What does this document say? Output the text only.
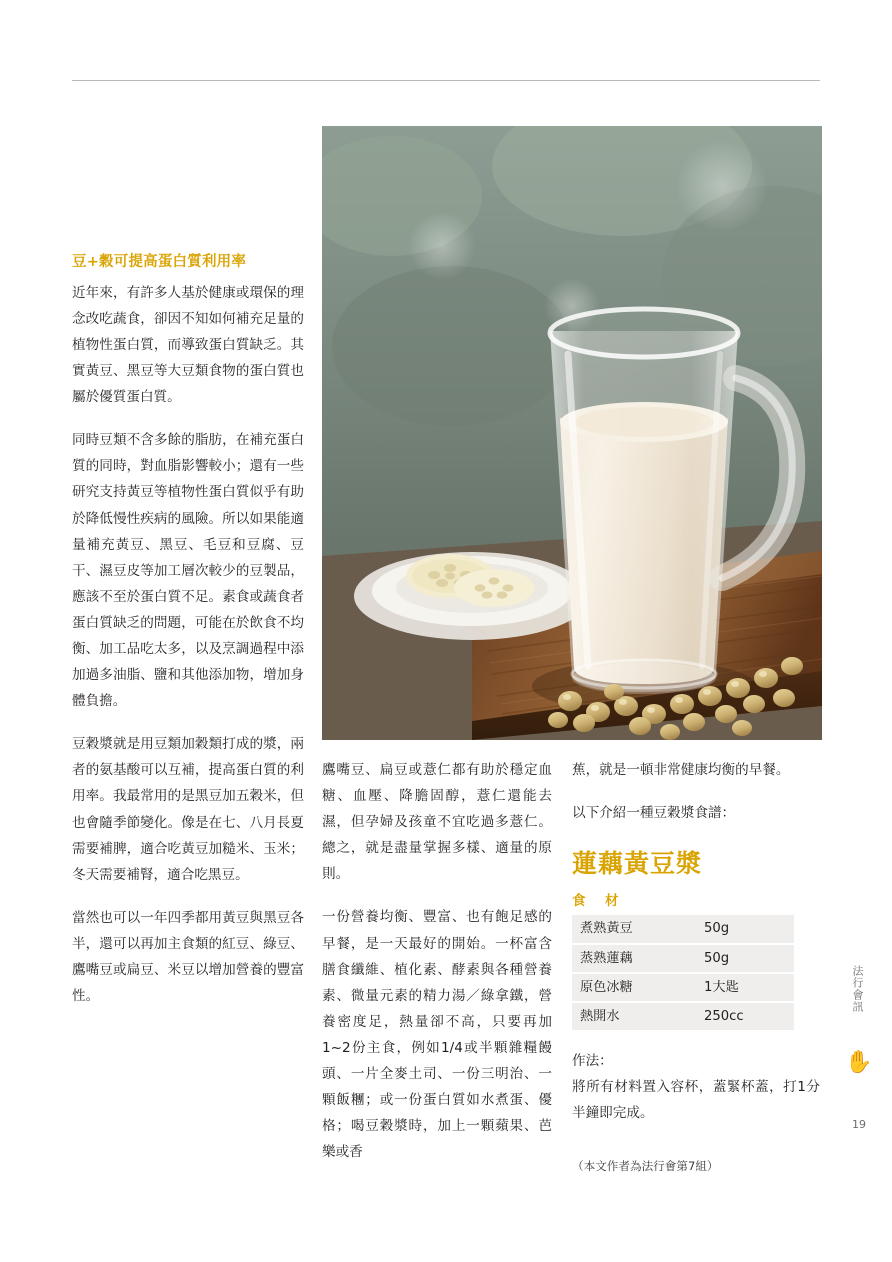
豆+穀可提高蛋白質利用率

近年來，有許多人基於健康或環保的理念改吃蔬食，卻因不知如何補充足量的植物性蛋白質，而導致蛋白質缺乏。其實黃豆、黑豆等大豆類食物的蛋白質也屬於優質蛋白質。

同時豆類不含多餘的脂肪，在補充蛋白質的同時，對血脂影響較小；還有一些研究支持黃豆等植物性蛋白質似乎有助於降低慢性疾病的風險。所以如果能適量補充黃豆、黑豆、毛豆和豆腐、豆干、濕豆皮等加工層次較少的豆製品，應該不至於蛋白質不足。素食或蔬食者蛋白質缺乏的問題，可能在於飲食不均衡、加工品吃太多，以及烹調過程中添加過多油脂、鹽和其他添加物，增加身體負擔。

豆穀漿就是用豆類加穀類打成的漿，兩者的氨基酸可以互補，提高蛋白質的利用率。我最常用的是黑豆加五穀米，但也會隨季節變化。像是在七、八月長夏需要補脾，適合吃黃豆加糙米、玉米；冬天需要補腎，適合吃黑豆。

當然也可以一年四季都用黃豆與黑豆各半，還可以再加主食類的紅豆、綠豆、鷹嘴豆或扁豆、米豆以增加營養的豐富性。

鷹嘴豆、扁豆或薏仁都有助於穩定血糖、血壓、降膽固醇，薏仁還能去濕，但孕婦及孩童不宜吃過多薏仁。總之，就是盡量掌握多樣、適量的原則。

一份營養均衡、豐富、也有飽足感的早餐，是一天最好的開始。一杯富含膳食纖維、植化素、酵素與各種營養素、微量元素的精力湯／綠拿鐵，營養密度足，熱量卻不高，只要再加1~2份主食，例如1/4或半顆雜糧饅頭、一片全麥土司、一份三明治、一顆飯糰；或一份蛋白質如水煮蛋、優格；喝豆穀漿時，加上一顆蘋果、芭樂或香

蕉，就是一頓非常健康均衡的早餐。

以下介紹一種豆穀漿食譜：

蓮藕黃豆漿
食　材
煮熟黃豆	50g
蒸熟蓮藕	50g
原色冰糖	1大匙
熱開水	250cc

作法：

將所有材料置入容杯，蓋緊杯蓋，打1分半鐘即完成。

（本文作者為法行會第7組）

法行會訊
✋
19
